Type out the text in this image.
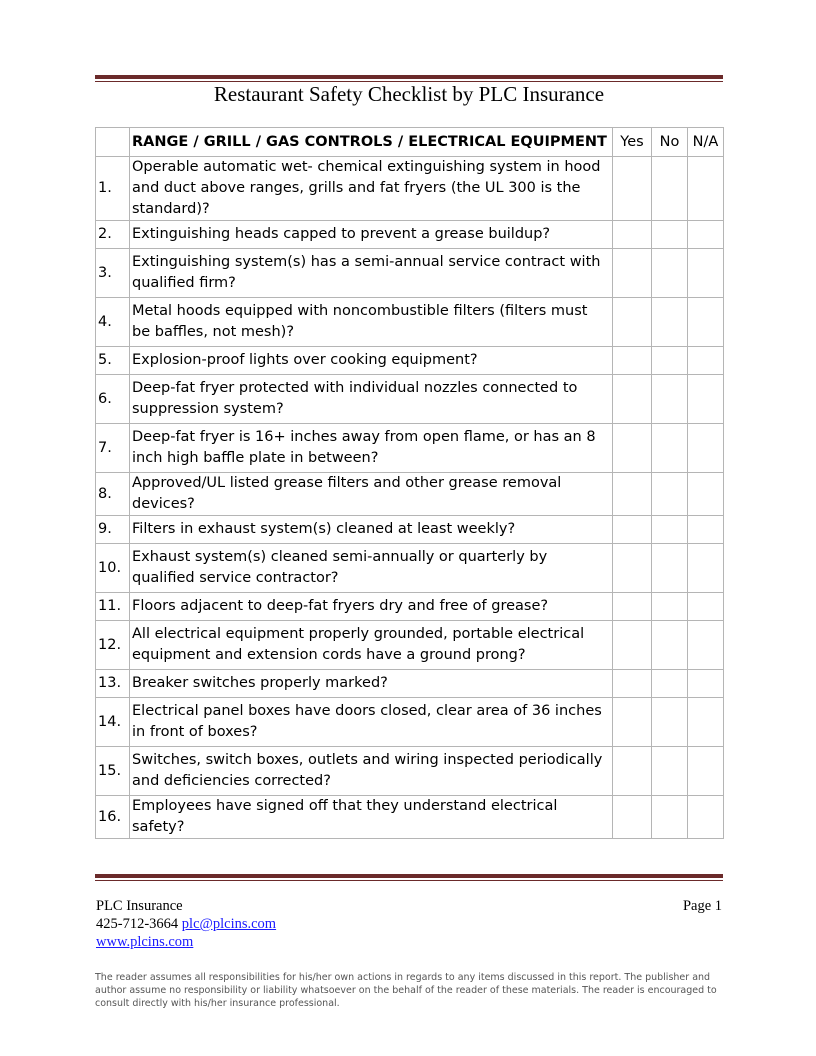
Restaurant Safety Checklist by PLC Insurance
	RANGE / GRILL / GAS CONTROLS / ELECTRICAL EQUIPMENT	Yes	No	N/A
1.	Operable automatic wet- chemical extinguishing system in hood and duct above ranges, grills and fat fryers (the UL 300 is the standard)?			
2.	Extinguishing heads capped to prevent a grease buildup?			
3.	Extinguishing system(s) has a semi-annual service contract with qualified firm?			
4.	Metal hoods equipped with noncombustible filters (filters must be baffles, not mesh)?			
5.	Explosion-proof lights over cooking equipment?			
6.	Deep-fat fryer protected with individual nozzles connected to suppression system?			
7.	Deep-fat fryer is 16+ inches away from open flame, or has an 8 inch high baffle plate in between?			
8.	Approved/UL listed grease filters and other grease removal devices?			
9.	Filters in exhaust system(s) cleaned at least weekly?			
10.	Exhaust system(s) cleaned semi-annually or quarterly by qualified service contractor?			
11.	Floors adjacent to deep-fat fryers dry and free of grease?			
12.	All electrical equipment properly grounded, portable electrical equipment and extension cords have a ground prong?			
13.	Breaker switches properly marked?			
14.	Electrical panel boxes have doors closed, clear area of 36 inches in front of boxes?			
15.	Switches, switch boxes, outlets and wiring inspected periodically and deficiencies corrected?			
16.	Employees have signed off that they understand electrical safety?			
PLC Insurance
425-712-3664 plc@plcins.com
www.plcins.com
Page 1
The reader assumes all responsibilities for his/her own actions in regards to any items discussed in this report. The publisher and author assume no responsibility or liability whatsoever on the behalf of the reader of these materials. The reader is encouraged to consult directly with his/her insurance professional.
